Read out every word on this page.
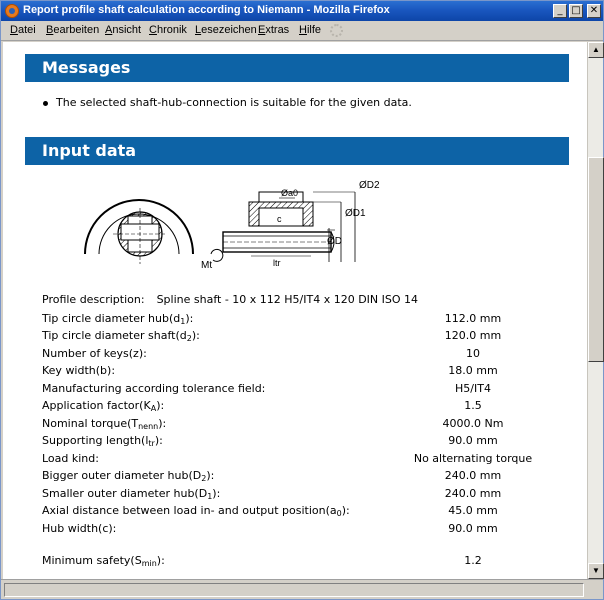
Report profile shaft calculation according to Niemann - Mozilla Firefox	_ □ ✕
Datei Bearbeiten Ansicht Chronik Lesezeichen Extras Hilfe
Messages
The selected shaft-hub-connection is suitable for the given data.
Input data
ØD2
Øa0
ØD1
c
ØD
Mt	ltr
Profile description: Spline shaft - 10 x 112 H5/IT4 x 120 DIN ISO 14
Tip circle diameter $hub(d_1)$:	112.0 mm
Tip circle diameter $shaft(d_2)$:	120.0 mm
Number of keys(z):	10
Key width(b):	18.0 mm
Manufacturing according tolerance field:	H5/IT4
Application $factor(K_A)$:	1.5
Nominal $torque(T_{nenn})$:	4000.0 Nm
Supporting $length(l_{tr})$:	90.0 mm
Load kind:	No alternating torque
Bigger outer diameter $hub(D_2)$:	240.0 mm
Smaller outer diameter $hub(D_1)$:	240.0 mm
Axial distance between load in- and output $position(a_0)$:	45.0 mm
Hub width(c):	90.0 mm
Minimum $safety(S_{min})$:	1.2
▲
▼
